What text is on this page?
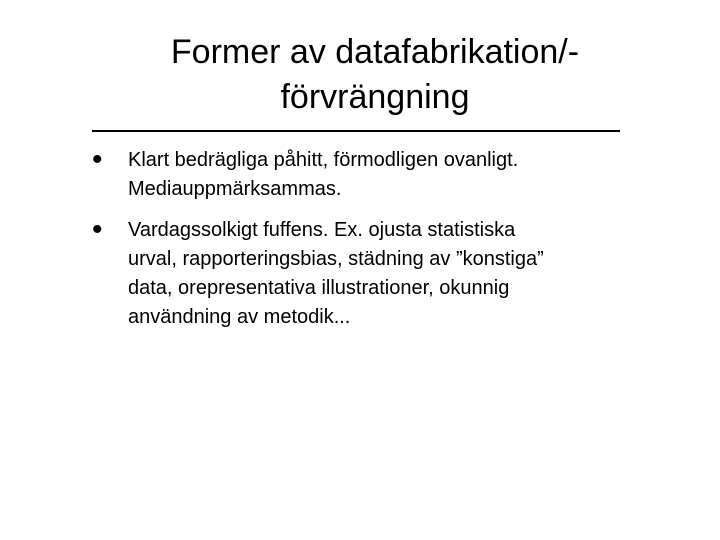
Former av datafabrikation/-
förvrängning
• Klart bedrägliga påhitt, förmodligen ovanligt.
Mediauppmärksammas.
• Vardagssolkigt fuffens. Ex. ojusta statistiska
urval, rapporteringsbias, städning av ”konstiga”
data, orepresentativa illustrationer, okunnig
användning av metodik...
